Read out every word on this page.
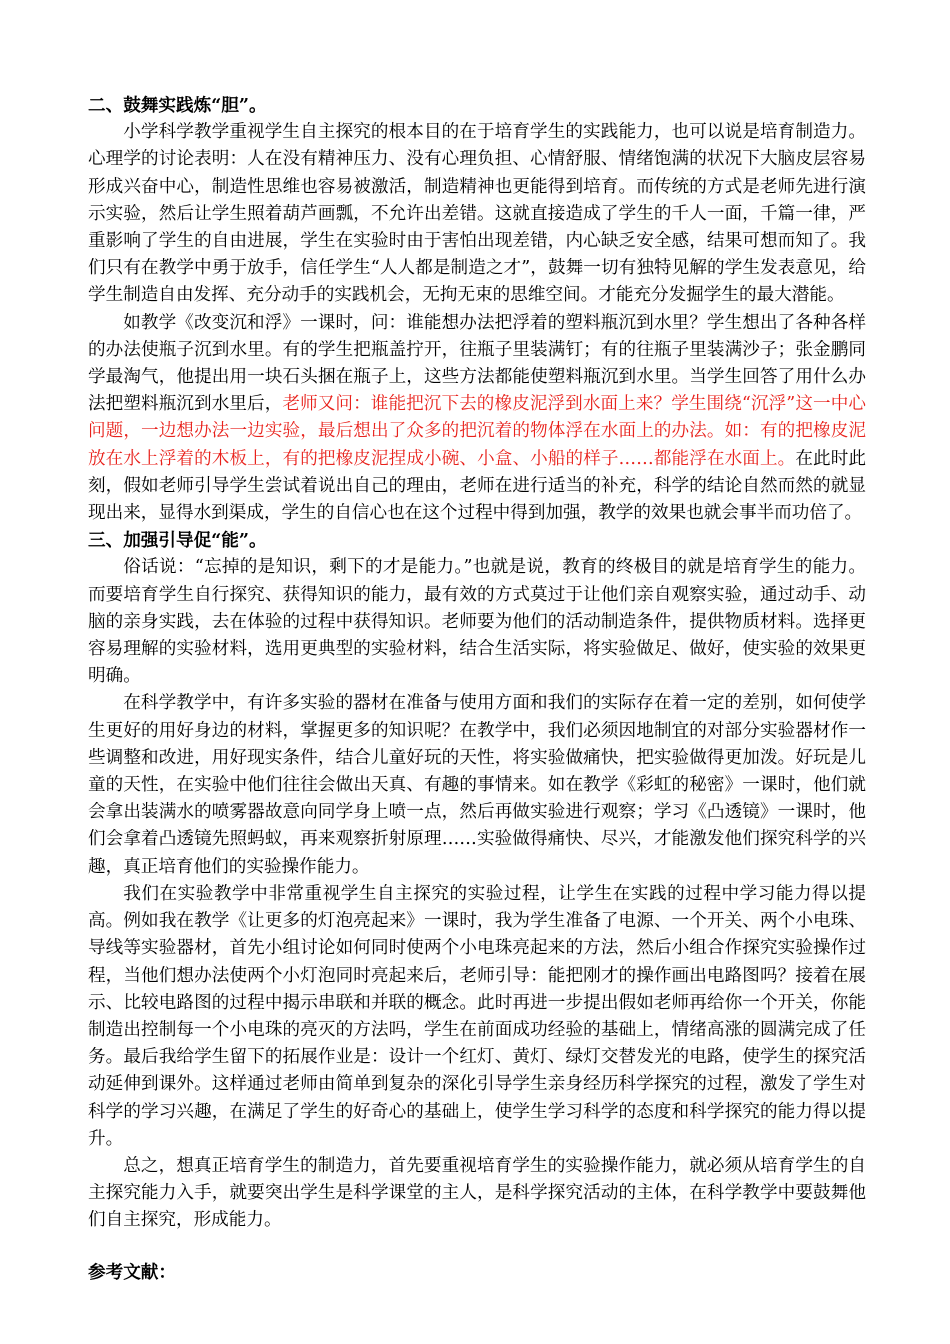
二、鼓舞实践炼“胆”。

小学科学教学重视学生自主探究的根本目的在于培育学生的实践能力，也可以说是培育制造力。心理学的讨论表明：人在没有精神压力、没有心理负担、心情舒服、情绪饱满的状况下大脑皮层容易形成兴奋中心，制造性思维也容易被激活，制造精神也更能得到培育。而传统的方式是老师先进行演示实验，然后让学生照着葫芦画瓢，不允许出差错。这就直接造成了学生的千人一面，千篇一律，严重影响了学生的自由进展，学生在实验时由于害怕出现差错，内心缺乏安全感，结果可想而知了。我们只有在教学中勇于放手，信任学生“人人都是制造之才”，鼓舞一切有独特见解的学生发表意见，给学生制造自由发挥、充分动手的实践机会，无拘无束的思维空间。才能充分发掘学生的最大潜能。

如教学《改变沉和浮》一课时，问：谁能想办法把浮着的塑料瓶沉到水里？学生想出了各种各样的办法使瓶子沉到水里。有的学生把瓶盖拧开，往瓶子里装满钉；有的往瓶子里装满沙子；张金鹏同学最淘气，他提出用一块石头捆在瓶子上，这些方法都能使塑料瓶沉到水里。当学生回答了用什么办法把塑料瓶沉到水里后，老师又问：谁能把沉下去的橡皮泥浮到水面上来？学生围绕“沉浮”这一中心问题，一边想办法一边实验，最后想出了众多的把沉着的物体浮在水面上的办法。如：有的把橡皮泥放在水上浮着的木板上，有的把橡皮泥捏成小碗、小盒、小船的样子……都能浮在水面上。在此时此刻，假如老师引导学生尝试着说出自己的理由，老师在进行适当的补充，科学的结论自然而然的就显现出来，显得水到渠成，学生的自信心也在这个过程中得到加强，教学的效果也就会事半而功倍了。

三、加强引导促“能”。

俗话说：“忘掉的是知识，剩下的才是能力。”也就是说，教育的终极目的就是培育学生的能力。而要培育学生自行探究、获得知识的能力，最有效的方式莫过于让他们亲自观察实验，通过动手、动脑的亲身实践，去在体验的过程中获得知识。老师要为他们的活动制造条件，提供物质材料。选择更容易理解的实验材料，选用更典型的实验材料，结合生活实际，将实验做足、做好，使实验的效果更明确。

在科学教学中，有许多实验的器材在准备与使用方面和我们的实际存在着一定的差别，如何使学生更好的用好身边的材料，掌握更多的知识呢？在教学中，我们必须因地制宜的对部分实验器材作一些调整和改进，用好现实条件，结合儿童好玩的天性，将实验做痛快，把实验做得更加泼。好玩是儿童的天性，在实验中他们往往会做出天真、有趣的事情来。如在教学《彩虹的秘密》一课时，他们就会拿出装满水的喷雾器故意向同学身上喷一点，然后再做实验进行观察；学习《凸透镜》一课时，他们会拿着凸透镜先照蚂蚁，再来观察折射原理……实验做得痛快、尽兴，才能激发他们探究科学的兴趣，真正培育他们的实验操作能力。

我们在实验教学中非常重视学生自主探究的实验过程，让学生在实践的过程中学习能力得以提高。例如我在教学《让更多的灯泡亮起来》一课时，我为学生准备了电源、一个开关、两个小电珠、导线等实验器材，首先小组讨论如何同时使两个小电珠亮起来的方法，然后小组合作探究实验操作过程，当他们想办法使两个小灯泡同时亮起来后，老师引导：能把刚才的操作画出电路图吗？接着在展示、比较电路图的过程中揭示串联和并联的概念。此时再进一步提出假如老师再给你一个开关，你能制造出控制每一个小电珠的亮灭的方法吗，学生在前面成功经验的基础上，情绪高涨的圆满完成了任务。最后我给学生留下的拓展作业是：设计一个红灯、黄灯、绿灯交替发光的电路，使学生的探究活动延伸到课外。这样通过老师由简单到复杂的深化引导学生亲身经历科学探究的过程，激发了学生对科学的学习兴趣，在满足了学生的好奇心的基础上，使学生学习科学的态度和科学探究的能力得以提升。

总之，想真正培育学生的制造力，首先要重视培育学生的实验操作能力，就必须从培育学生的自主探究能力入手，就要突出学生是科学课堂的主人，是科学探究活动的主体，在科学教学中要鼓舞他们自主探究，形成能力。

参考文献：
